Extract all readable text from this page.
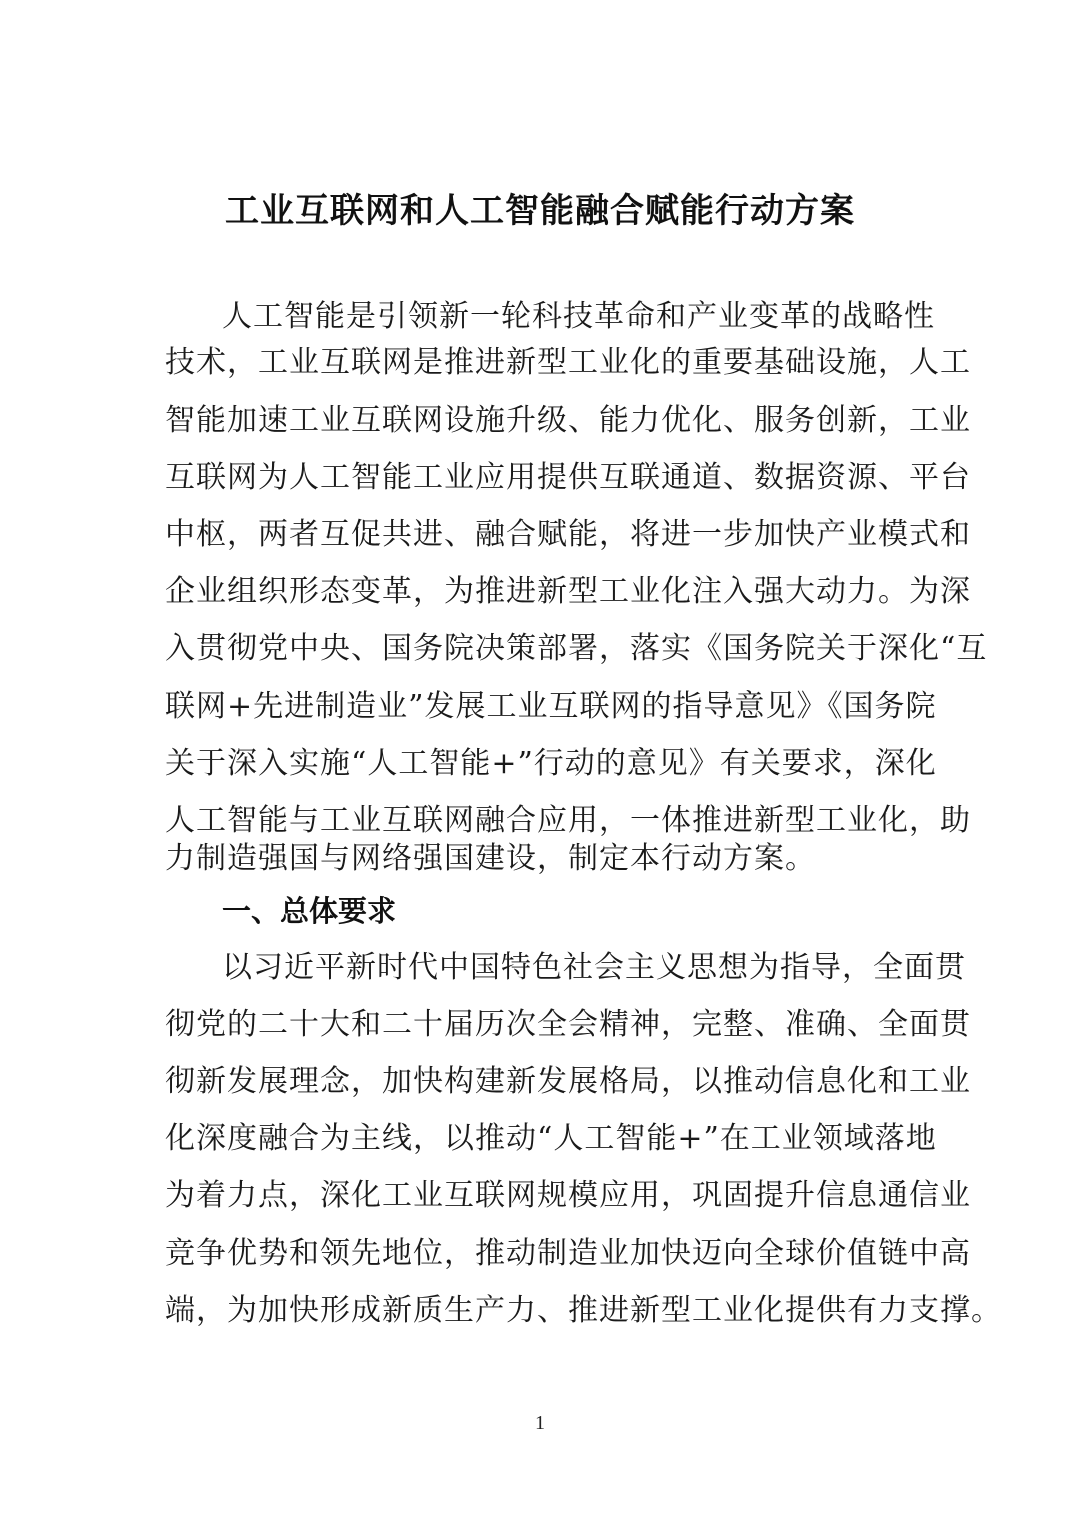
工业互联网和人工智能融合赋能行动方案
人工智能是引领新一轮科技革命和产业变革的战略性
技术，工业互联网是推进新型工业化的重要基础设施，人工
智能加速工业互联网设施升级、能力优化、服务创新，工业
互联网为人工智能工业应用提供互联通道、数据资源、平台
中枢，两者互促共进、融合赋能，将进一步加快产业模式和
企业组织形态变革，为推进新型工业化注入强大动力。为深
入贯彻党中央、国务院决策部署，落实《国务院关于深化“互
联网+先进制造业”发展工业互联网的指导意见》《国务院
关于深入实施“人工智能+”行动的意见》有关要求，深化
人工智能与工业互联网融合应用，一体推进新型工业化，助
力制造强国与网络强国建设，制定本行动方案。
一、总体要求
以习近平新时代中国特色社会主义思想为指导，全面贯
彻党的二十大和二十届历次全会精神，完整、准确、全面贯
彻新发展理念，加快构建新发展格局，以推动信息化和工业
化深度融合为主线，以推动“人工智能+”在工业领域落地
为着力点，深化工业互联网规模应用，巩固提升信息通信业
竞争优势和领先地位，推动制造业加快迈向全球价值链中高
端，为加快形成新质生产力、推进新型工业化提供有力支撑。
1
